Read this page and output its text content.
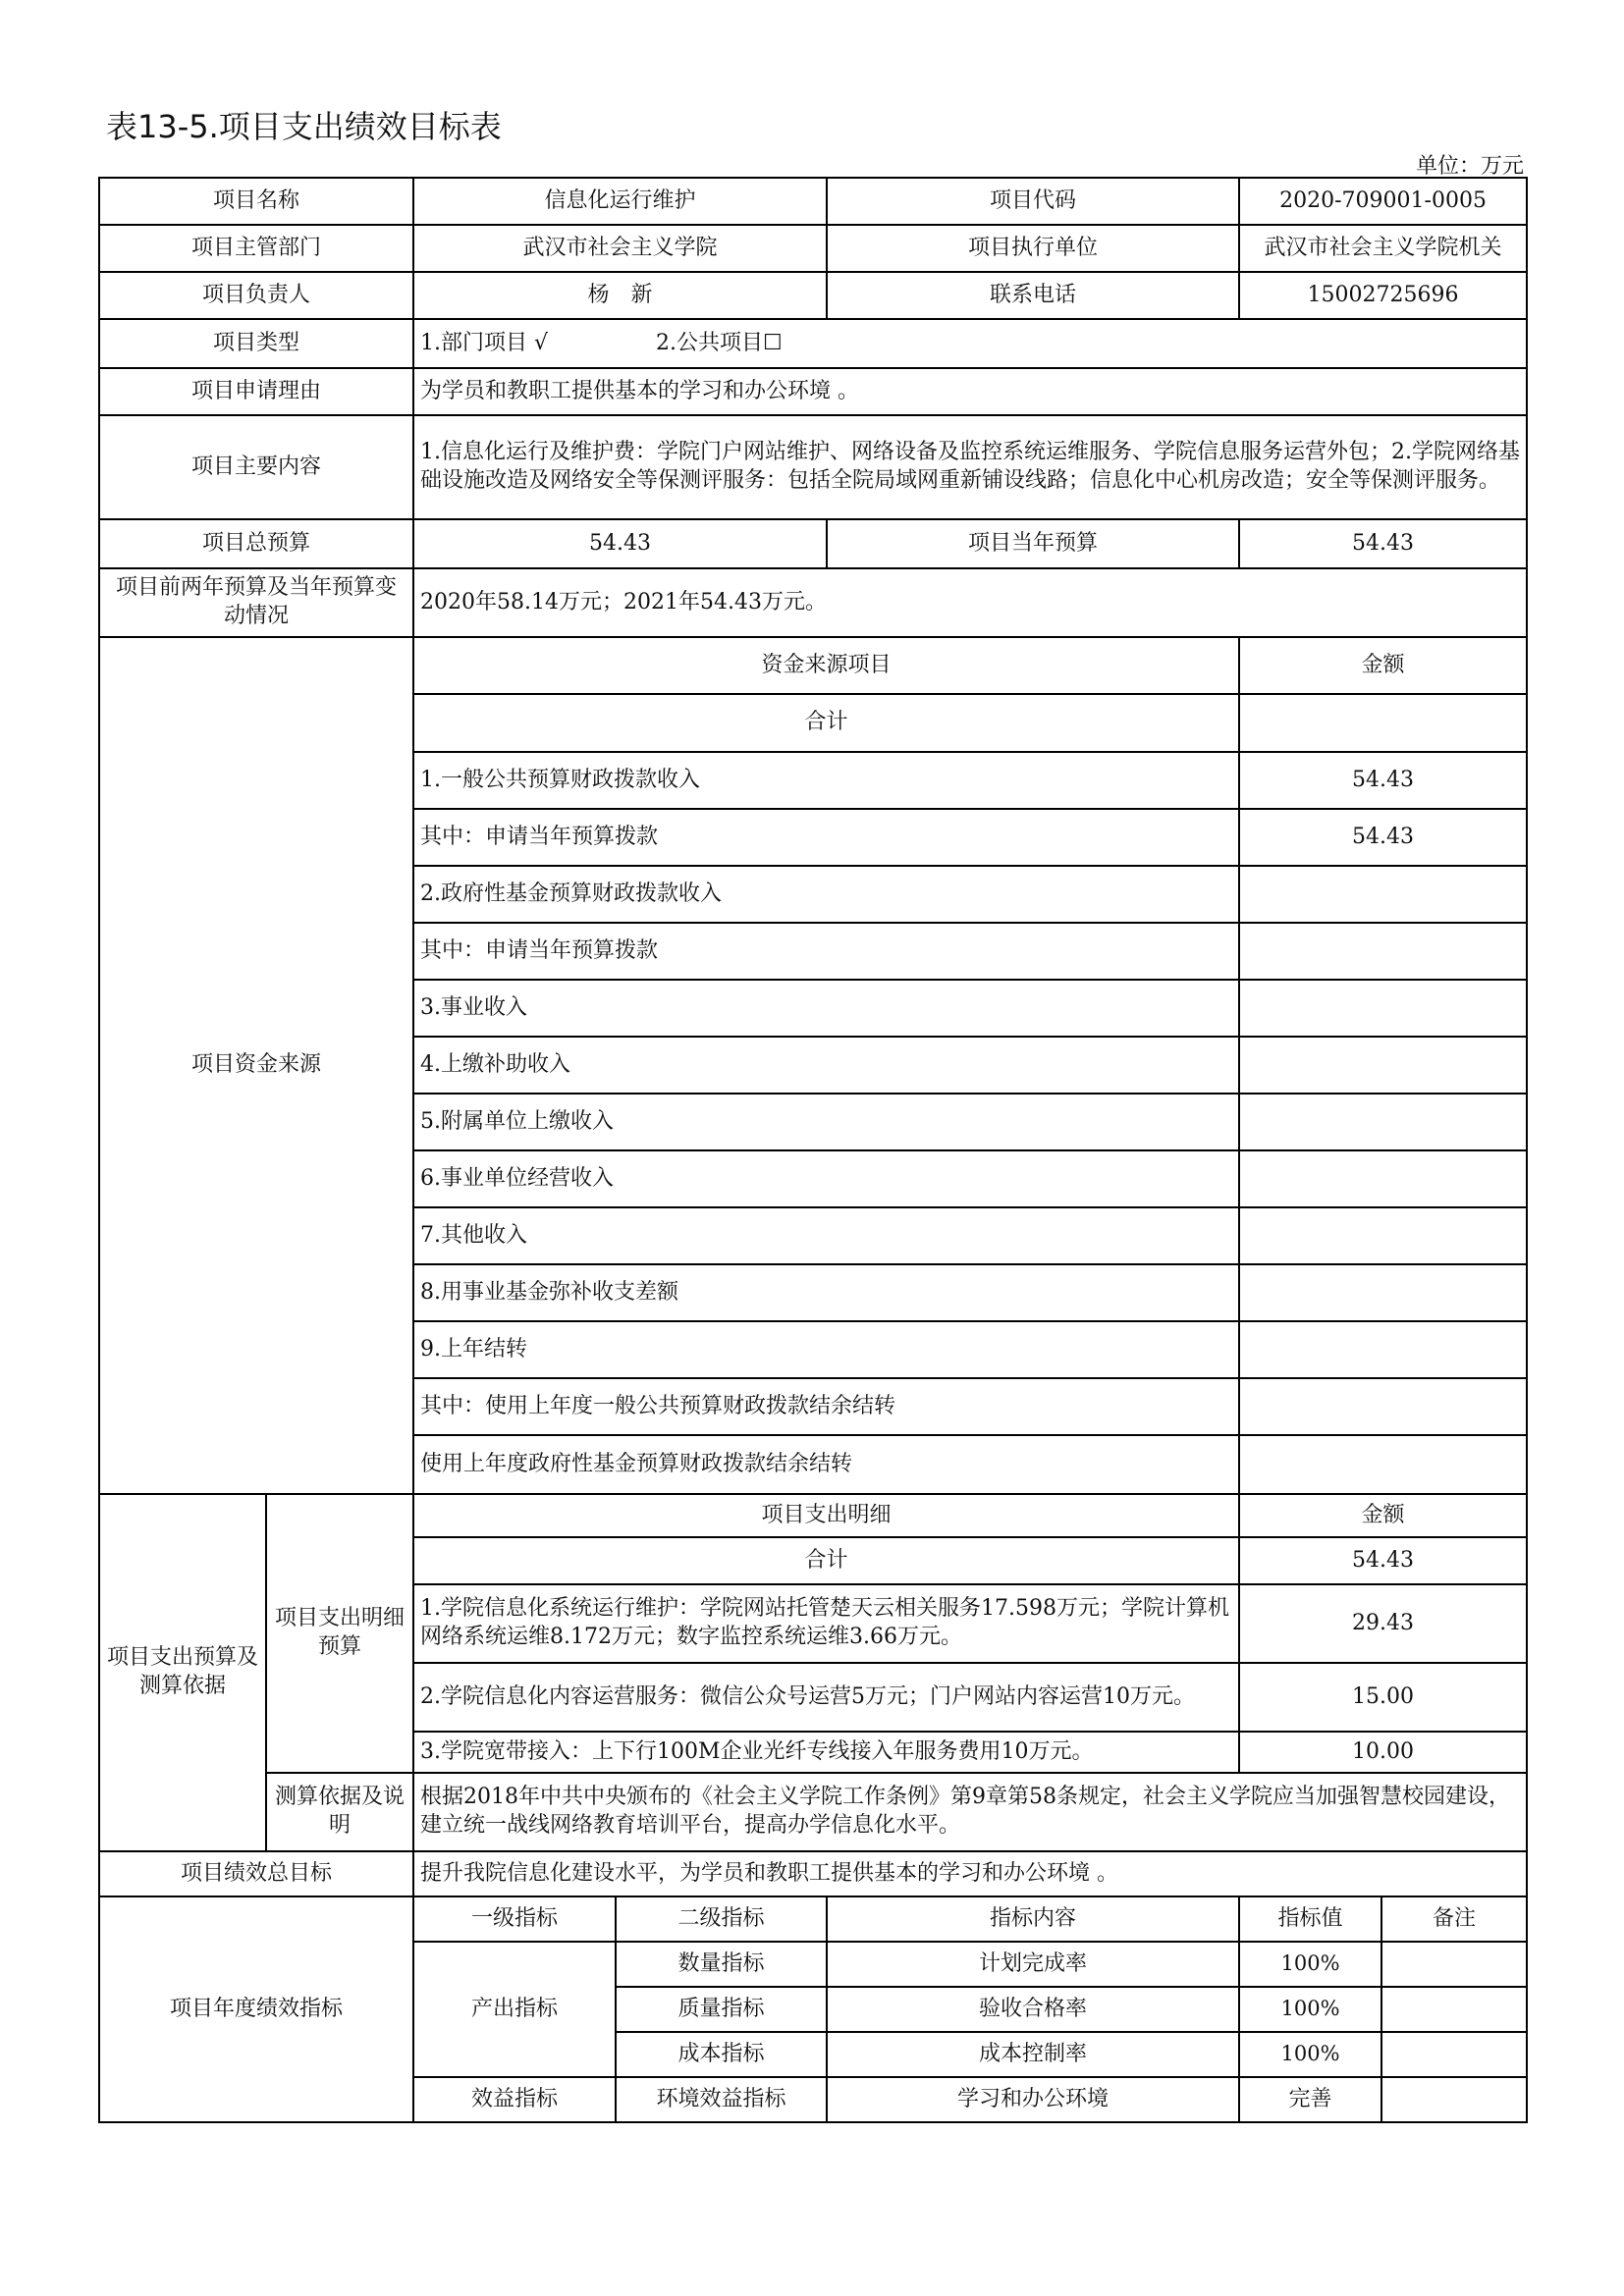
表13-5.项目支出绩效目标表
单位：万元
项目名称		信息化运行维护		项目代码	2020-709001-0005	
项目主管部门		武汉市社会主义学院		项目执行单位	武汉市社会主义学院机关	
项目负责人		杨　新		联系电话	15002725696	
项目类型		1.部门项目 √　　　　　2.公共项目☐				
项目申请理由		为学员和教职工提供基本的学习和办公环境 。				
项目主要内容		1.信息化运行及维护费：学院门户网站维护、网络设备及监控系统运维服务、学院信息服务运营外包；2.学院网络基础设施改造及网络安全等保测评服务：包括全院局域网重新铺设线路；信息化中心机房改造；安全等保测评服务。				
项目总预算		54.43		项目当年预算	54.43	
项目前两年预算及当年预算变动情况		2020年58.14万元；2021年54.43万元。				
项目资金来源		资金来源项目			金额	
		合计				
		1.一般公共预算财政拨款收入			54.43	
		其中：申请当年预算拨款			54.43	
		2.政府性基金预算财政拨款收入				
		其中：申请当年预算拨款				
		3.事业收入				
		4.上缴补助收入				
		5.附属单位上缴收入				
		6.事业单位经营收入				
		7.其他收入				
		8.用事业基金弥补收支差额				
		9.上年结转				
		其中：使用上年度一般公共预算财政拨款结余结转				
		使用上年度政府性基金预算财政拨款结余结转				
项目支出预算及测算依据	项目支出明细预算	项目支出明细			金额	
		合计			54.43	
		1.学院信息化系统运行维护：学院网站托管楚天云相关服务17.598万元；学院计算机网络系统运维8.172万元；数字监控系统运维3.66万元。			29.43	
		2.学院信息化内容运营服务：微信公众号运营5万元；门户网站内容运营10万元。			15.00	
		3.学院宽带接入：上下行100M企业光纤专线接入年服务费用10万元。			10.00	
	测算依据及说明	根据2018年中共中央颁布的《社会主义学院工作条例》第9章第58条规定，社会主义学院应当加强智慧校园建设，建立统一战线网络教育培训平台，提高办学信息化水平。				
项目绩效总目标		提升我院信息化建设水平，为学员和教职工提供基本的学习和办公环境 。				
项目年度绩效指标		一级指标	二级指标	指标内容	指标值	备注
		产出指标	数量指标	计划完成率	100%	
			质量指标	验收合格率	100%	
			成本指标	成本控制率	100%	
		效益指标	环境效益指标	学习和办公环境	完善	
